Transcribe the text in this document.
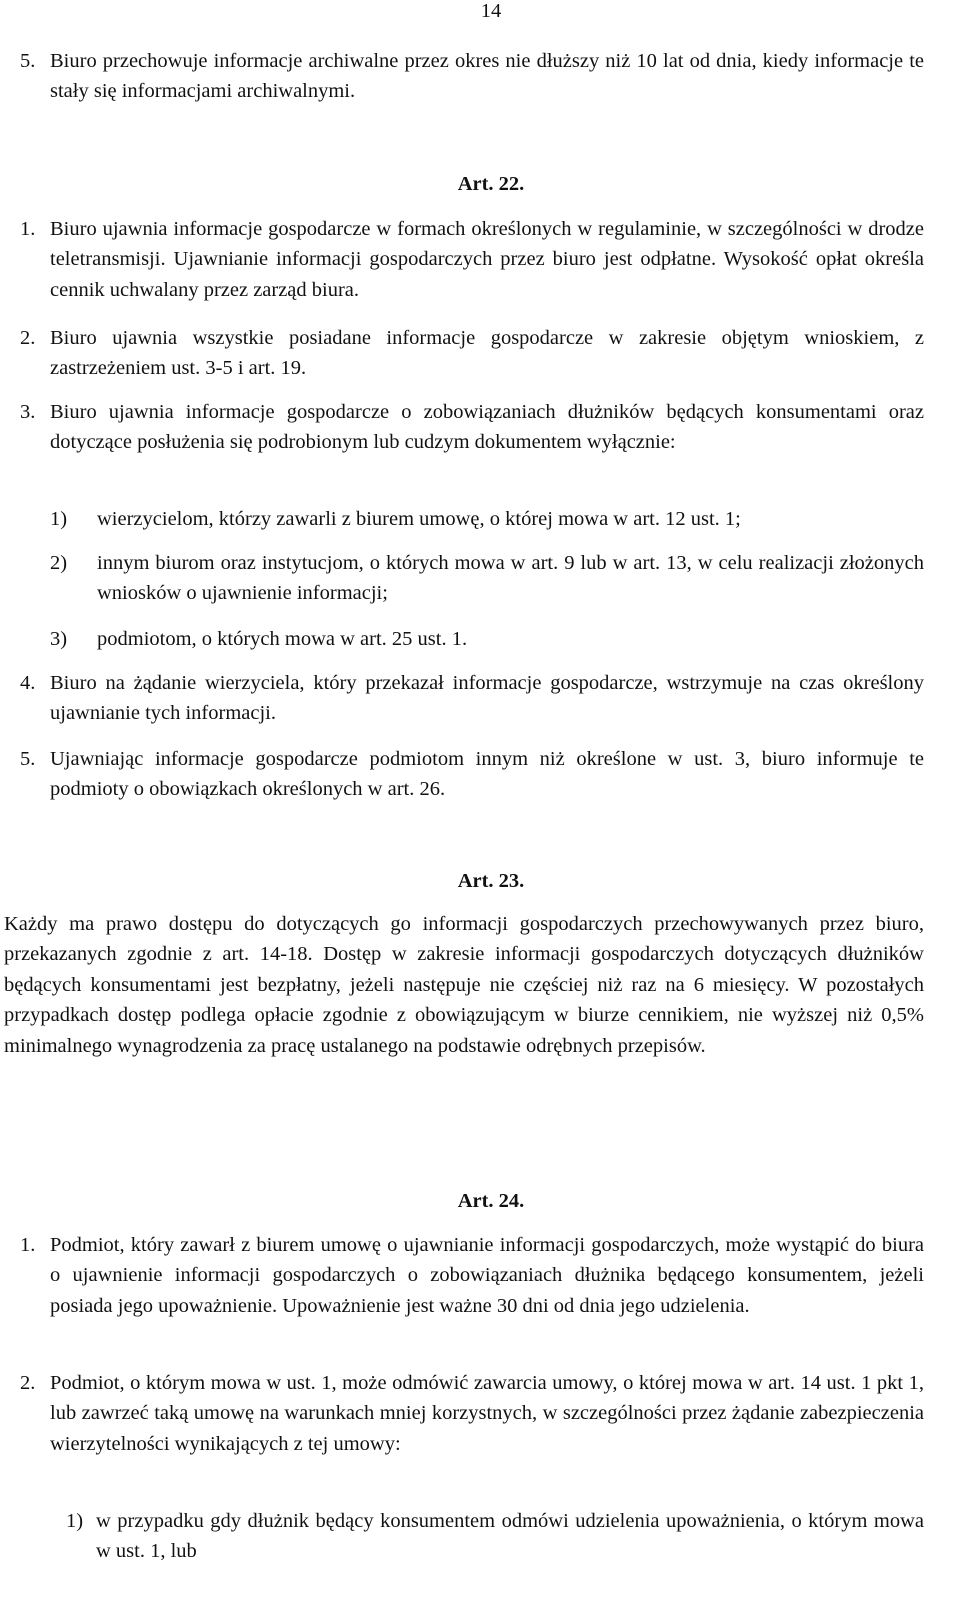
14
5. Biuro przechowuje informacje archiwalne przez okres nie dłuższy niż 10 lat od dnia, kiedy informacje te stały się informacjami archiwalnymi.
Art. 22.
1. Biuro ujawnia informacje gospodarcze w formach określonych w regulaminie, w szczególności w drodze teletransmisji. Ujawnianie informacji gospodarczych przez biuro jest odpłatne. Wysokość opłat określa cennik uchwalany przez zarząd biura.
2. Biuro ujawnia wszystkie posiadane informacje gospodarcze w zakresie objętym wnioskiem, z zastrzeżeniem ust. 3-5 i art. 19.
3. Biuro ujawnia informacje gospodarcze o zobowiązaniach dłużników będących konsumentami oraz dotyczące posłużenia się podrobionym lub cudzym dokumentem wyłącznie:
1)	wierzycielom, którzy zawarli z biurem umowę, o której mowa w art. 12 ust. 1;
2)	innym biurom oraz instytucjom, o których mowa w art. 9 lub w art. 13, w celu realizacji złożonych wniosków o ujawnienie informacji;
3)	podmiotom, o których mowa w art. 25 ust. 1.
4. Biuro na żądanie wierzyciela, który przekazał informacje gospodarcze, wstrzymuje na czas określony ujawnianie tych informacji.
5. Ujawniając informacje gospodarcze podmiotom innym niż określone w ust. 3, biuro informuje te podmioty o obowiązkach określonych w art. 26.
Art. 23.
Każdy ma prawo dostępu do dotyczących go informacji gospodarczych przechowywanych przez biuro, przekazanych zgodnie z art. 14-18. Dostęp w zakresie informacji gospodarczych dotyczących dłużników będących konsumentami jest bezpłatny, jeżeli następuje nie częściej niż raz na 6 miesięcy. W pozostałych przypadkach dostęp podlega opłacie zgodnie z obowiązującym w biurze cennikiem, nie wyższej niż 0,5% minimalnego wynagrodzenia za pracę ustalanego na podstawie odrębnych przepisów.
Art. 24.
1. Podmiot, który zawarł z biurem umowę o ujawnianie informacji gospodarczych, może wystąpić do biura o ujawnienie informacji gospodarczych o zobowiązaniach dłużnika będącego konsumentem, jeżeli posiada jego upoważnienie. Upoważnienie jest ważne 30 dni od dnia jego udzielenia.
2. Podmiot, o którym mowa w ust. 1, może odmówić zawarcia umowy, o której mowa w art. 14 ust. 1 pkt 1, lub zawrzeć taką umowę na warunkach mniej korzystnych, w szczególności przez żądanie zabezpieczenia wierzytelności wynikających z tej umowy:
1) w przypadku gdy dłużnik będący konsumentem odmówi udzielenia upoważnienia, o którym mowa w ust. 1, lub
